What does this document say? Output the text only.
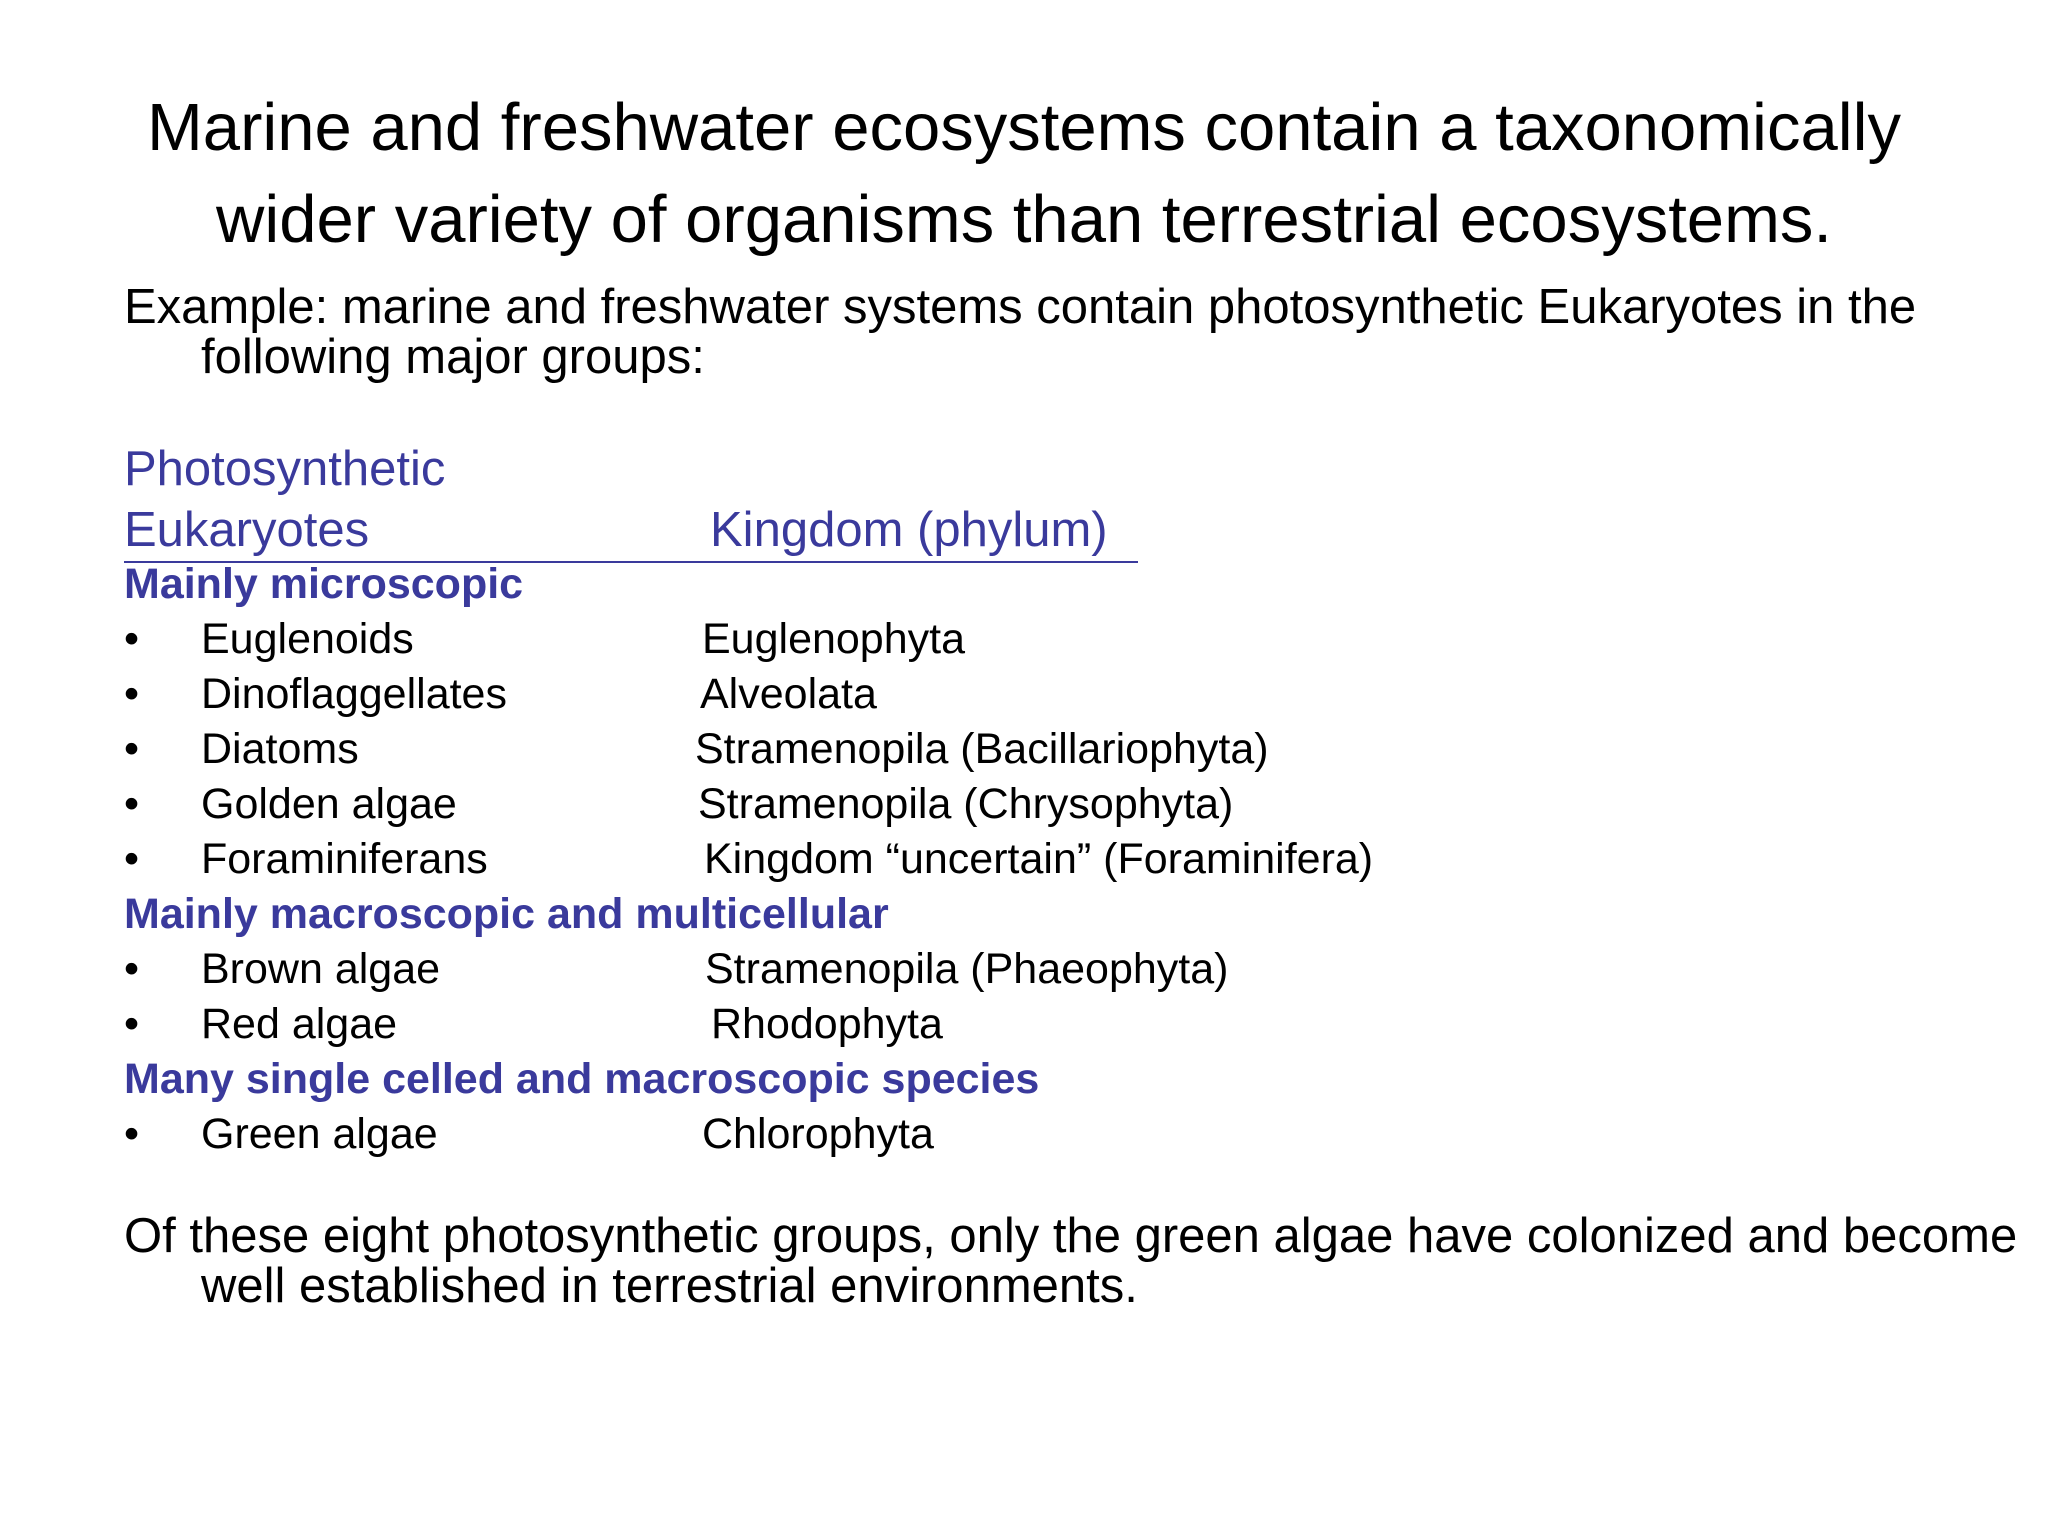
Marine and freshwater ecosystems contain a taxonomically
wider variety of organisms than terrestrial ecosystems.

Example: marine and freshwater systems contain photosynthetic Eukaryotes in the following major groups:

Photosynthetic
Eukaryotes	Kingdom (phylum)
Mainly microscopic
• Euglenoids	Euglenophyta
• Dinoflaggellates	Alveolata
• Diatoms	Stramenopila (Bacillariophyta)
• Golden algae	Stramenopila (Chrysophyta)
• Foraminiferans	Kingdom “uncertain” (Foraminifera)
Mainly macroscopic and multicellular
• Brown algae	Stramenopila (Phaeophyta)
• Red algae	Rhodophyta
Many single celled and macroscopic species
• Green algae	Chlorophyta

Of these eight photosynthetic groups, only the green algae have colonized and become well established in terrestrial environments.
